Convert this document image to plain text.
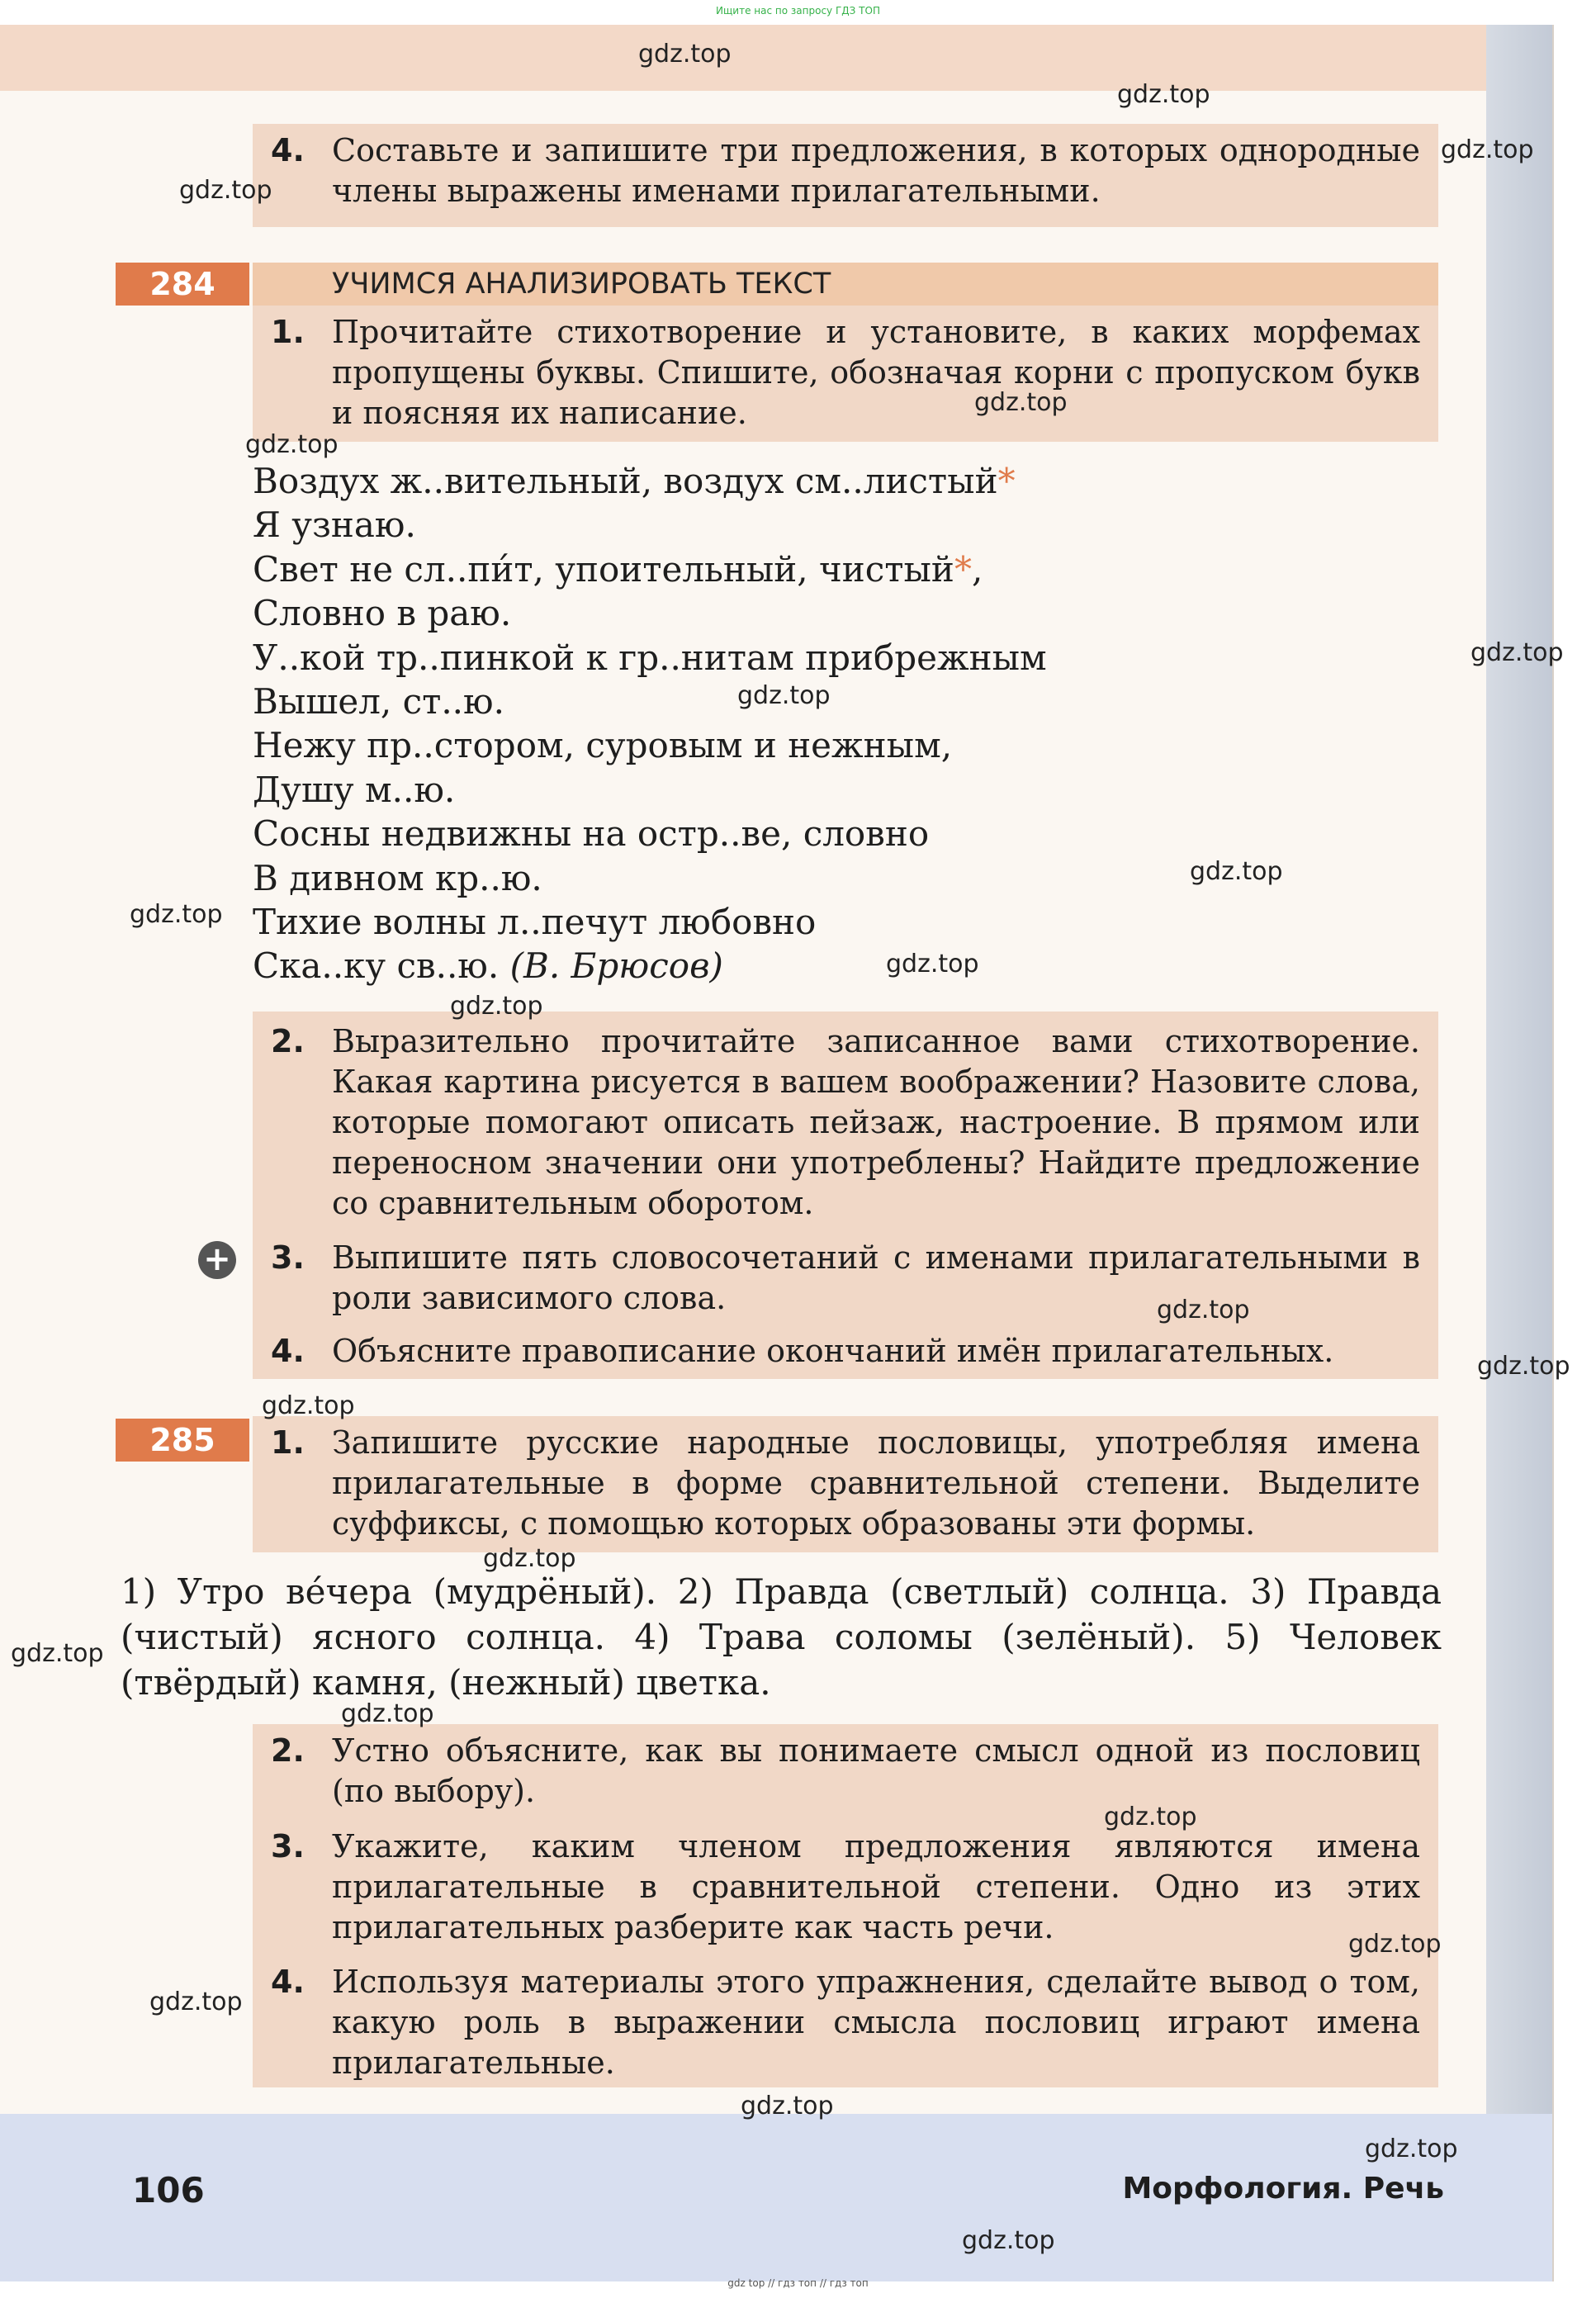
Ищите нас по запросу ГДЗ ТОП
4. Составьте и запишите три предложения, в которых однородные члены выражены именами прилагательными.
284	УЧИМСЯ АНАЛИЗИРОВАТЬ ТЕКСТ
1. Прочитайте стихотворение и установите, в каких морфемах пропущены буквы. Спишите, обозначая корни с пропуском букв и поясняя их написание.
Воздух ж..вительный, воздух см..листый*
Я узнаю.
Свет не сл..пи́т, упоительный, чистый*,
Словно в раю.
У..кой тр..пинкой к гр..нитам прибрежным
Вышел, ст..ю.
Нежу пр..стором, суровым и нежным,
Душу м..ю.
Сосны недвижны на остр..ве, словно
В дивном кр..ю.
Тихие волны л..печут любовно
Ска..ку св..ю. (В. Брюсов)
2. Выразительно прочитайте записанное вами стихотворение. Какая картина рисуется в вашем воображении? Назовите слова, которые помогают описать пейзаж, настроение. В прямом или переносном значении они употреблены? Найдите предложение со сравнительным оборотом.
+ 3. Выпишите пять словосочетаний с именами прилагательными в роли зависимого слова.
4. Объясните правописание окончаний имён прилагательных.
285	1. Запишите русские народные пословицы, употребляя имена прилагательные в форме сравнительной степени. Выделите суффиксы, с помощью которых образованы эти формы.
1) Утро ве́чера (мудрёный). 2) Правда (светлый) солнца. 3) Правда (чистый) ясного солнца. 4) Трава соломы (зелёный). 5) Человек (твёрдый) камня, (нежный) цветка.
2. Устно объясните, как вы понимаете смысл одной из пословиц (по выбору).
3. Укажите, каким членом предложения являются имена прилагательные в сравнительной степени. Одно из этих прилагательных разберите как часть речи.
4. Используя материалы этого упражнения, сделайте вывод о том, какую роль в выражении смысла пословиц играют имена прилагательные.
106	Морфология. Речь
gdz.top
gdz.top
gdz.top
gdz.top
gdz.top
gdz.top
gdz.top
gdz.top
gdz.top
gdz.top
gdz.top
gdz.top
gdz.top
gdz.top
gdz.top
gdz.top
gdz.top
gdz.top
gdz.top
gdz.top
gdz.top
gdz.top
gdz.top
gdz.top
gdz top // гдз топ // гдз топ
